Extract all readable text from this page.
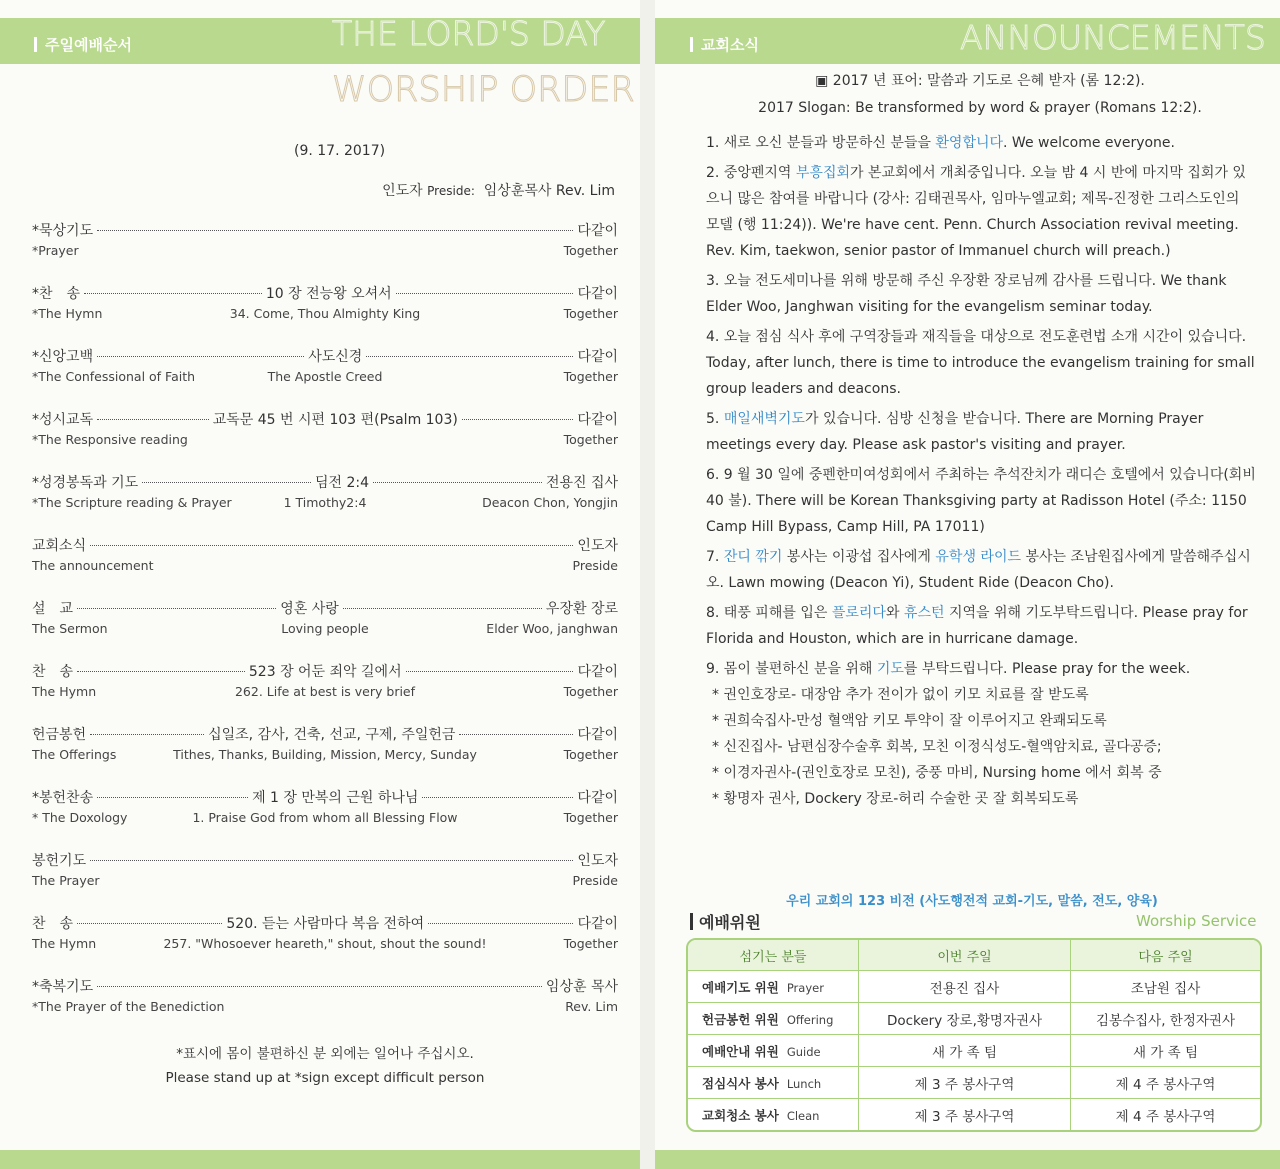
주일예배순서	THE LORD'S DAY
WORSHIP ORDER
(9. 17. 2017)
인도자 Preside: 임상훈목사 Rev. Lim
*묵상기도	다같이
*Prayer	Together
*찬　송	10 장 전능왕 오셔서	다같이
*The Hymn	34. Come, Thou Almighty King	Together
*신앙고백	사도신경	다같이
*The Confessional of Faith	The Apostle Creed	Together
*성시교독	교독문 45 번 시편 103 편(Psalm 103)	다같이
*The Responsive reading	Together
*성경봉독과 기도	딤전 2:4	전용진 집사
*The Scripture reading & Prayer	1 Timothy2:4	Deacon Chon, Yongjin
교회소식	인도자
The announcement	Preside
설　교	영혼 사랑	우장환 장로
The Sermon	Loving people	Elder Woo, janghwan
찬　송	523 장 어둔 죄악 길에서	다같이
The Hymn	262. Life at best is very brief	Together
헌금봉헌	십일조, 감사, 건축, 선교, 구제, 주일헌금	다같이
The Offerings	Tithes, Thanks, Building, Mission, Mercy, Sunday	Together
*봉헌찬송	제 1 장 만복의 근원 하나님	다같이
* The Doxology	1. Praise God from whom all Blessing Flow	Together
봉헌기도	인도자
The Prayer	Preside
찬　송	520. 듣는 사람마다 복음 전하여	다같이
The Hymn	257. "Whosoever heareth," shout, shout the sound!	Together
*축복기도	임상훈 목사
*The Prayer of the Benediction	Rev. Lim
*표시에 몸이 불편하신 분 외에는 일어나 주십시오.
Please stand up at *sign except difficult person
교회소식	ANNOUNCEMENTS
▣ 2017 년 표어: 말씀과 기도로 은혜 받자 (롬 12:2).
2017 Slogan: Be transformed by word & prayer (Romans 12:2).

1. 새로 오신 분들과 방문하신 분들을 환영합니다. We welcome everyone.

2. 중앙펜지역 부흥집회가 본교회에서 개최중입니다. 오늘 밤 4 시 반에 마지막 집회가 있으니 많은 참여를 바랍니다 (강사: 김태권목사, 임마누엘교회; 제목-진정한 그리스도인의 모델 (행 11:24)). We're have cent. Penn. Church Association revival meeting. Rev. Kim, taekwon, senior pastor of Immanuel church will preach.)

3. 오늘 전도세미나를 위해 방문해 주신 우장환 장로님께 감사를 드립니다. We thank Elder Woo, Janghwan visiting for the evangelism seminar today.

4. 오늘 점심 식사 후에 구역장들과 재직들을 대상으로 전도훈련법 소개 시간이 있습니다. Today, after lunch, there is time to introduce the evangelism training for small group leaders and deacons.

5. 매일새벽기도가 있습니다. 심방 신청을 받습니다. There are Morning Prayer meetings every day. Please ask pastor's visiting and prayer.

6. 9 월 30 일에 중펜한미여성회에서 주최하는 추석잔치가 래디슨 호텔에서 있습니다(회비 40 불). There will be Korean Thanksgiving party at Radisson Hotel (주소: 1150 Camp Hill Bypass, Camp Hill, PA 17011)

7. 잔디 깎기 봉사는 이광섭 집사에게 유학생 라이드 봉사는 조남원집사에게 말씀해주십시오. Lawn mowing (Deacon Yi), Student Ride (Deacon Cho).

8. 태풍 피해를 입은 플로리다와 휴스턴 지역을 위해 기도부탁드립니다. Please pray for Florida and Houston, which are in hurricane damage.

9. 몸이 불편하신 분을 위해 기도를 부탁드립니다. Please pray for the week.

* 권인호장로- 대장암 추가 전이가 없이 키모 치료를 잘 받도록
* 권희숙집사-만성 혈액암 키모 투약이 잘 이루어지고 완쾌되도록
* 신진집사- 남편심장수술후 회복, 모친 이정식성도-혈액암치료, 골다공증;
* 이경자권사-(권인호장로 모친), 중풍 마비, Nursing home 에서 회복 중
* 황명자 권사, Dockery 장로-허리 수술한 곳 잘 회복되도록
우리 교회의 123 비전 (사도행전적 교회-기도, 말씀, 전도, 양육)
예배위원	Worship Service
섬기는 분들	이번 주일	다음 주일
예배기도 위원 Prayer	전용진 집사	조남원 집사
헌금봉헌 위원 Offering	Dockery 장로,황명자권사	김봉수집사, 한정자권사
예배안내 위원 Guide	새 가 족 팀	새 가 족 팀
점심식사 봉사 Lunch	제 3 주 봉사구역	제 4 주 봉사구역
교회청소 봉사 Clean	제 3 주 봉사구역	제 4 주 봉사구역
